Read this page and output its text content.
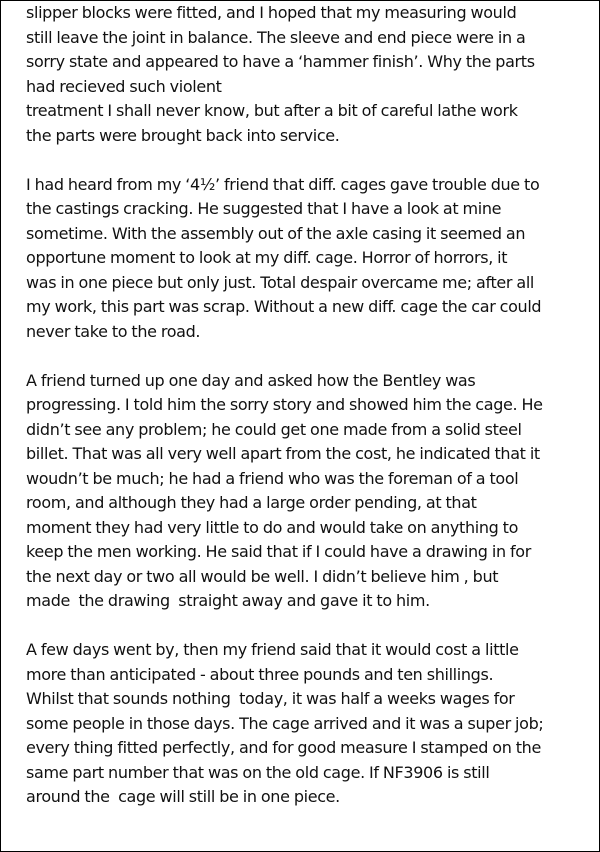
slipper blocks were fitted, and I hoped that my measuring would
still leave the joint in balance. The sleeve and end piece were in a
sorry state and appeared to have a ‘hammer finish’. Why the parts
had recieved such violent
treatment I shall never know, but after a bit of careful lathe work
the parts were brought back into service.

I had heard from my ‘4½’ friend that diff. cages gave trouble due to
the castings cracking. He suggested that I have a look at mine
sometime. With the assembly out of the axle casing it seemed an
opportune moment to look at my diff. cage. Horror of horrors, it
was in one piece but only just. Total despair overcame me; after all
my work, this part was scrap. Without a new diff. cage the car could
never take to the road.

A friend turned up one day and asked how the Bentley was
progressing. I told him the sorry story and showed him the cage. He
didn’t see any problem; he could get one made from a solid steel
billet. That was all very well apart from the cost, he indicated that it
woudn’t be much; he had a friend who was the foreman of a tool
room, and although they had a large order pending, at that
moment they had very little to do and would take on anything to
keep the men working. He said that if I could have a drawing in for
the next day or two all would be well. I didn’t believe him , but
made  the drawing  straight away and gave it to him.

A few days went by, then my friend said that it would cost a little
more than anticipated - about three pounds and ten shillings.
Whilst that sounds nothing  today, it was half a weeks wages for
some people in those days. The cage arrived and it was a super job;
every thing fitted perfectly, and for good measure I stamped on the
same part number that was on the old cage. If NF3906 is still
around the  cage will still be in one piece.
